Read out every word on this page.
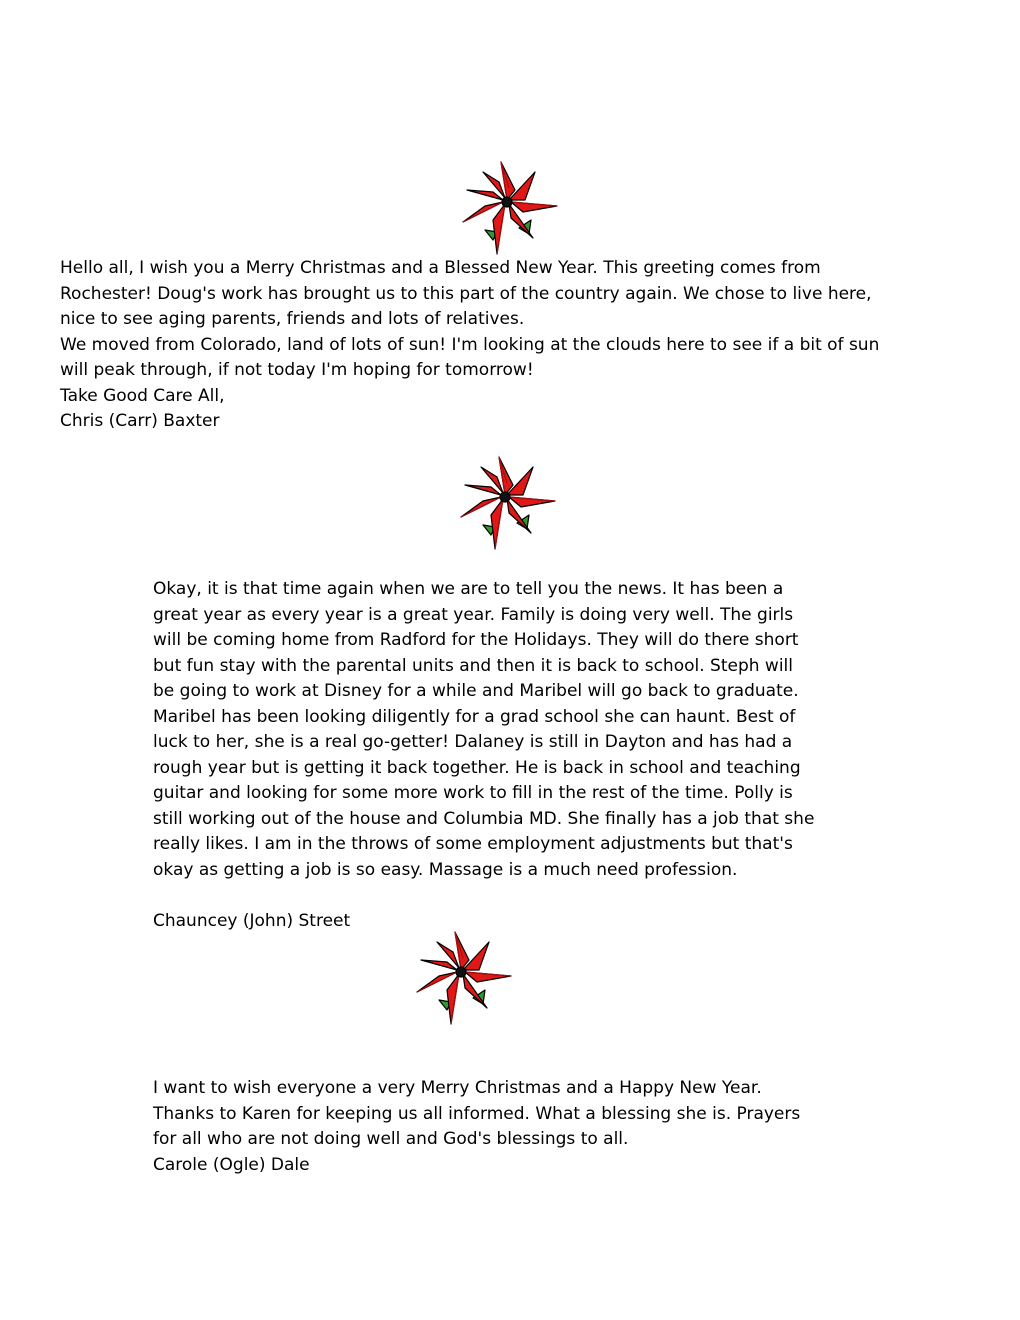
Hello all, I wish you a Merry Christmas and a Blessed New Year. This greeting comes from
Rochester! Doug's work has brought us to this part of the country again. We chose to live here,
nice to see aging parents, friends and lots of relatives.
We moved from Colorado, land of lots of sun! I'm looking at the clouds here to see if a bit of sun
will peak through, if not today I'm hoping for tomorrow!
Take Good Care All,
Chris (Carr) Baxter
Okay, it is that time again when we are to tell you the news. It has been a
great year as every year is a great year. Family is doing very well. The girls
will be coming home from Radford for the Holidays. They will do there short
but fun stay with the parental units and then it is back to school. Steph will
be going to work at Disney for a while and Maribel will go back to graduate.
Maribel has been looking diligently for a grad school she can haunt. Best of
luck to her, she is a real go-getter! Dalaney is still in Dayton and has had a
rough year but is getting it back together. He is back in school and teaching
guitar and looking for some more work to fill in the rest of the time. Polly is
still working out of the house and Columbia MD. She finally has a job that she
really likes. I am in the throws of some employment adjustments but that's
okay as getting a job is so easy. Massage is a much need profession.
Chauncey (John) Street
I want to wish everyone a very Merry Christmas and a Happy New Year.
Thanks to Karen for keeping us all informed. What a blessing she is. Prayers
for all who are not doing well and God's blessings to all.
Carole (Ogle) Dale
